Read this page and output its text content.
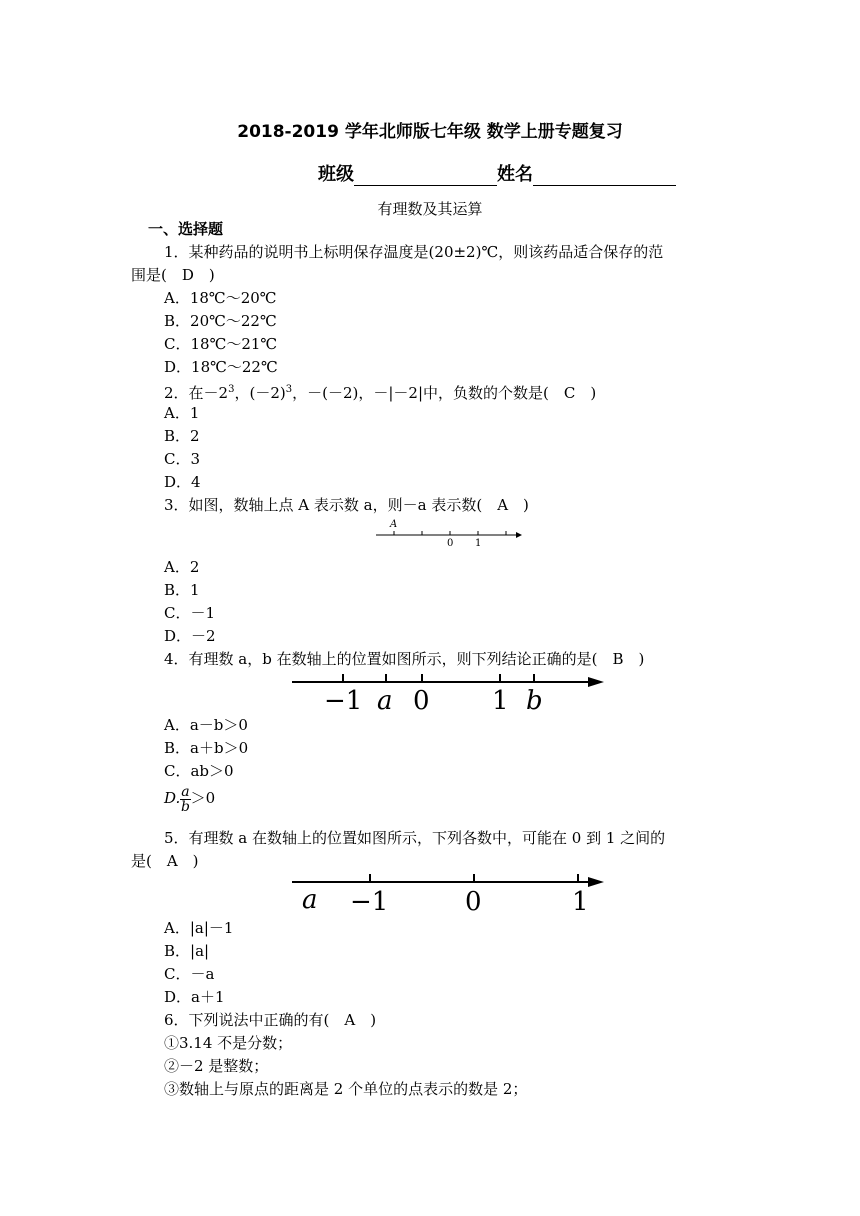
2018-2019 学年北师版七年级 数学上册专题复习
班级	姓名
有理数及其运算
一、选择题
1．某种药品的说明书上标明保存温度是(20±2)℃，则该药品适合保存的范
围是(　D　)
A．18℃～20℃
B．20℃～22℃
C．18℃～21℃
D．18℃～22℃
2．在$-2^3$，$(-2)^3$，－(－2)，－|－2|中，负数的个数是(　C　)
A．1
B．2
C．3
D．4
3．如图，数轴上点 A 表示数 a，则－a 表示数(　A　)
A
0 1
A．2
B．1
C．－1
D．－2
4．有理数 a，b 在数轴上的位置如图所示，则下列结论正确的是(　B　)
−1 a 0 1 b
A．a－b＞0
B．a＋b＞0
C．ab＞0
D. $\frac{a}{b} >0$
5．有理数 a 在数轴上的位置如图所示，下列各数中，可能在 0 到 1 之间的
是(　A　)
a −1	0	1
A．|a|－1
B．|a|
C．－a
D．a＋1
6．下列说法中正确的有(　A　)
①3.14 不是分数；
②－2 是整数；
③数轴上与原点的距离是 2 个单位的点表示的数是 2；
